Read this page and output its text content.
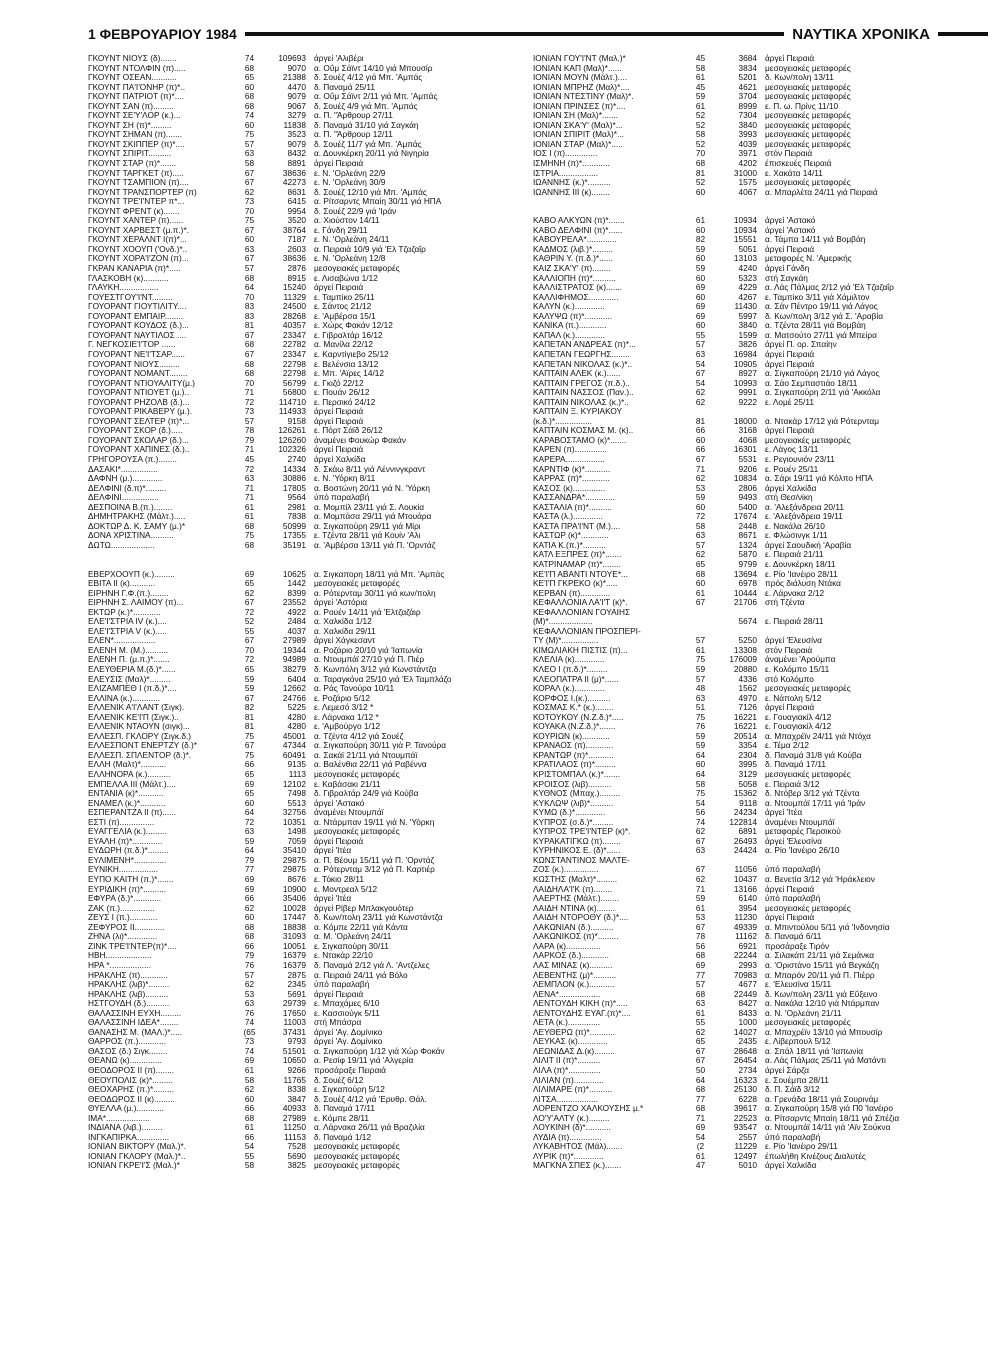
1 ΦΕΒΡΟΥΑΡΙΟΥ 1984	ΝΑΥΤΙΚΑ ΧΡΟΝΙΚΑ
ΓΚΟΥΝΤ ΝΙΟΥΣ (δ).......	74	109693 άργεί 'Αλιβέρι
ΓΚΟΥΝΤ ΝΤΟΛΦΙΝ (π).....	68	9070 α. Οΰμ Σάϊντ 14/10 γιά Μπουσίρ
ΓΚΟΥΝΤ ΟΣΕΑΝ...........	65	21388 δ. Σουέζ 4/12 γιά Μπ. 'Αμπάς
ΓΚΟΥΝΤ ΠΑ'Ι'ΟΝΗΡ (π)*..	60	4470 δ. Παναμά 25/11
ΓΚΟΥΝΤ ΠΑΤΡΙΟΤ (π)*....	68	9079 α. Οΰμ Σάϊντ 2/11 γιά Μπ. 'Αμπάς
ΓΚΟΥΝΤ ΣΑΝ (π).........	68	9067 δ. Σουέζ 4/9 γιά Μπ. 'Αμπάς
ΓΚΟΥΝΤ ΣΕ'Υ'ΛΟΡ (κ.)...	74	3279 α. Π. "Άρθρουρ 27/11
ΓΚΟΥΝΤ ΣΗ (π)*.........	60	11838 δ. Παναμά 31/10 γιά Σαγκάη
ΓΚΟΥΝΤ ΣΗΜΑΝ (π).......	75	3523 α. Π. "Άρθρουρ 12/11
ΓΚΟΥΝΤ ΣΚΙΠΠΕΡ (π)*....	57	9079 δ. Σουέζ 11/7 γιά Μπ. 'Αμπάς
ΓΚΟΥΝΤ ΣΠΙΡΙΤ..........	63	8432 α. Δουνκέρκη 20/11 γιά Νιγηρία
ΓΚΟΥΝΤ ΣΤΑΡ (π)*.......	58	8891 άργεί Πειραιά
ΓΚΟΥΝΤ ΤΑΡΓΚΕΤ (π).....	67	38636 ε. Ν. 'Ορλεάνη 22/9
ΓΚΟΥΝΤ ΤΣΑΜΠΙΟΝ (π)....	67	42273 ε. Ν. 'Ορλεάνη 30/9
ΓΚΟΥΝΤ ΤΡΑΝΣΠΟΡΤΕΡ (π)	62	8631 δ. Σουέζ 12/10 γιά Μπ. 'Αμπάς
ΓΚΟΥΝΤ ΤΡΕ'Ι'ΝΤΕΡ π*...	73	6415 α. Ρίτσαρντς Μπαίη 30/11 γιά ΗΠΑ
ΓΚΟΥΝΤ ΦΡΕΝΤ (κ).......	70	9954 δ. Σουέζ 22/9 γιά 'Ιράν
ΓΚΟΥΝΤ ΧΑΝΤΕΡ (π)......	75	3520 α. Χιούστον 14/11
ΓΚΟΥΝΤ ΧΑΡΒΕΣΤ (μ.π.)*.	67	38764 ε. Γάνδη 29/11
ΓΚΟΥΝΤ ΧΕΡΑΛΝΤ Ι(π)*...	60	7187 ε. Ν. 'Ορλεάνη 24/11
ΓΚΟΥΝΤ ΧΟΟΥΠ ('Ονδ.)*..	63	2603 α. Πειραιά 10/9 γιά 'Ελ Τζαζαΐρ
ΓΚΟΥΝΤ ΧΟΡΑ'Ι'ΖΟΝ (π)...	67	38636 ε. Ν. 'Ορλεάνη 12/8
ΓΚΡΑΝ ΚΑΝΑΡΙΑ (π)*.....	57	2876 μεσογειακές μεταφορές
ΓΛΑΣΚΟΒΗ (κ)...........	68	8915 ε. Λισαβώνα 1/12
ΓΛΑΥΚΗ.................	64	15240 άργεί Πειραιά
ΓΟΥΕΣΤΓΟΥ'Ι'ΝΤ.........	70	11329 ε. Ταμπίκο 25/11
ΓΟΥΟΡΑΝΤ ΓΙΟΥΤΙΛΙΤΥ....	83	24500 ε. Σάντος 21/12
ΓΟΥΟΡΑΝΤ ΕΜΠΑΙΡ........	83	28268 ε. 'Αμβέρσα 15/1
ΓΟΥΟΡΑΝΤ ΚΟΥΔΟΣ (δ.)...	81	40357 ε. Χώρς Φακάν 12/12
ΓΟΥΟΡΑΝΤ ΝΑΥΤΙΛΟΣ ....	67	23347 ε. Γιβραλτάρ 16/12
Γ. ΝΕΓΚΟΣΙΕ'Ι'ΤΟΡ ......	68	22782 α. Μανίλα 22/12
ΓΟΥΟΡΑΝΤ ΝΕ'Ι'ΤΣΑΡ......	67	23347 ε. Καρντίγιεβο 25/12
ΓΟΥΟΡΑΝΤ ΝΙΟΥΣ.........	68	22798 ε. Βελένσια 13/12
ΓΟΥΟΡΑΝΤ ΝΟΜΑΝΤ........	68	22798 ε. Μπ. 'Αϊρες 14/12
ΓΟΥΟΡΑΝΤ ΝΤΙΟΥΑΛΙΤΥ(μ.)	70	56799 ε. Γκιζό 22/12
ΓΟΥΟΡΑΝΤ ΝΤΙΟΥΕΤ (μ.)..	71	56800 ε. Πουάν 26/12
ΓΟΥΟΡΑΝΤ ΡΗΖΟΛΒ (δ.)...	72	114710 ε. Περσικό 24/12
ΓΟΥΟΡΑΝΤ ΡΙΚΑΒΕΡΥ (μ.).	73	114933 άργεί Πειραιά
ΓΟΥΟΡΑΝΤ ΣΕΛΤΕΡ (π)*...	57	9158 άργεί Πειραιά
ΓΟΥΟΡΑΝΤ ΣΚΟΡ (δ.).....	78	126261 ε. Πόρτ Σάϊδ 26/12
ΓΟΥΟΡΑΝΤ ΣΚΟΛΑΡ (δ.)...	79	126260 άναμένει Φουκώρ Φακάν
ΓΟΥΟΡΑΝΤ ΧΑΠΙΝΕΣ (δ.)..	71	102326 άργεί Πειραιά
ΓΡΗΓΟΡΟΥΣΑ (π.)........	45	2740 άργεί Χαλκίδα
ΔΑΣΑΚΙ*................	72	14334 δ. Σκάω 8/11 γιά Λέννινγκραντ
ΔΑΦΝΗ (μ.).............	63	30886 ε. Ν. 'Υόρκη 8/11
ΔΕΛΦΙΝΙ (δ.π)*.........	71	17805 α. Βοστώνη 20/11 γιά Ν. 'Υόρκη
ΔΕΛΦΙΝΙ................	71	9564 ύπό παραλαβή
ΔΕΣΠΟΙΝΑ Β.(π.)........	61	2981 α. Μομπίλ 23/11 γιά Σ. Λουκία
ΔΗΜΗΤΡΑΚΗΣ (Μάλτ.).....	61	7838 α. Μομπάσα 29/11 γιά Μτουάρα
ΔΟΚΤΩΡ Δ. Κ. ΣΑΜΥ (μ.)*	68	50999 α. Σιγκαπούρη 29/11 γιά Μίρι
ΔΟΝΑ ΧΡΙΣΤΙΝΑ..........	75	17355 ε. Τζέντα 28/11 γιά Κουίν 'Αλι
ΔΩΤΩ...................	68	35191 α. 'Αμβέρσα 13/11 γιά Π. 'Ορντάζ
ΕΒΕΡΧΟΟΥΠ (κ.).........	69	10625 α. Σιγκαπορη 18/11 γιά Μπ. 'Αμπάς
ΕΒΙΤΑ ΙΙ (κ)...........	65	1442 μεσογειακές μεταφορές
ΕΙΡΗΝΗ Γ.Φ.(π.)........	62	8399 α. Ρότερνταμ 30/11 γιά κων/πολη
ΕΙΡΗΝΗ Σ. ΛΑΙΜΟΥ (π)...	67	23552 άργεί 'Αστόρια
ΕΚΤΩΡ (κ.)*............	72	4922 α. Ρουέν 14/11 γιά 'Ελτζαζάιρ
ΕΛΕ'Ι'ΣΤΡΙΑ IV (κ.)....	52	2484 α. Χαλκίδα 1/12
ΕΛΕ'Ι'ΣΤΡΙΑ V (κ.).....	55	4037 α. Χαλκίδα 29/11
ΕΛΕΝ*..................	67	27989 άργεί Χάγκεσαντ
ΕΛΕΝΗ Μ. (Μ.)..........	70	19344 α. Ροζάριο 20/10 γιά 'Ιαπωνία
ΕΛΕΝΗ Π. (μ.π.)*.......	72	94989 α. Ντουμπάϊ 27/10 γιά Π. Πιέρ
ΕΛΕΥΘΕΡΙΑ Μ.(δ.)*......	65	38279 δ. Κωνπόλη 3/12 γιά Κωνστάντζα
ΕΛΕΥΣΙΣ (Μαλ)*.........	59	6404 α. Ταραγκόνα 25/10 γιά 'Ελ Ταμπλάζο
ΕΛΙΖΑΜΠΕΘ Ι (π.δ.)*....	59	12662 α. Ράς Τανούρα 10/11
ΕΛΛΙΝΑ (κ.)............	67	24766 ε. Ροζάριο 5/12
ΕΛΛΕΝΙΚ Α'Ι'ΛΑΝΤ (Σιγκ).	82	5225 ε. Λεμεσό 3/12 *
ΕΛΛΕΝΙΚ ΚΕ'Ι'Π (Σιγκ.)..	81	4280 ε. Λάρνακα 1/12 *
ΕΛΛΕΝΙΚ ΝΤΑΟΥΝ (σιγκ)...	81	4280 ε. 'Αμβούργο 1/12
ΕΛΛΕΣΠ. ΓΚΛΟΡΥ (Σιγκ.δ.)	75	45001 α. Τζέντα 4/12 γιά Σουέζ
ΕΛΛΕΣΠΟΝΤ ΕΝΕΡΤΖΥ (δ.)*	67	47344 α. Σιγκαπούρη 30/11 γιά Ρ. Τανούρα
ΕΛΛΕΣΠ. ΣΠΛΕΝΤΟΡ (δ.)*.	75	60491 α. Σακάϊ 21/11 γιά Ντουμπάϊ
ΕΛΛΗ (Μαλτ)*...........	66	9135 α. Βαλένθια 22/11 γιά Ραβέννα
ΕΛΛΗΝΟΡΑ (κ.)..........	65	1113 μεσογειακές μεταφορές
ΕΜΠΕΛΛΑ ΙΙΙ (Μάλτ.)....	69	12102 ε. Καβάσακι 21/11
ΕΝΤΑΝΙΑ (κ)*...........	65	7498 δ. Γιβραλτάρ 24/9 γιά Κούβα
ΕΝΑΜΕΛ (κ.)*...........	60	5513 άργεί 'Αστακό
ΕΣΠΕΡΑΝΤΖΑ ΙΙ (π)......	64	32756 άναμένει Ντουμπάϊ
ΕΣΤΙ (π)...............	72	10351 α. Ντάρμπαν 19/11 γιά Ν. 'Υόρκη
ΕΥΑΓΓΕΛΙΑ (κ.).........	63	1498 μεσογειακές μεταφορές
ΕΥΑΛΗ (π)*.............	59	7059 άργεί Πειραιά
ΕΥΔΩΡΗ (π.δ.)*.........	64	35410 άργεί 'Ιτέα
ΕΥΛΙΜΕΝΗ*..............	79	29875 α. Π. Βέουμ 15/11 γιά Π. 'Ορντάζ
ΕΥΝΙΚΗ.................	77	29875 α. Ρότερνταμ 3/12 γιά Π. Καρτιέρ
ΕΥΠΟ ΚΑΙΤΗ (π.)*.......	69	8676 ε. Τόκιο 28/11
ΕΥΡΙΔΙΚΗ (π)*..........	69	10900 ε. Μοντρεαλ 5/12
ΕΦΥΡΑ (δ.)*............	66	35406 άργεί 'Ιτέα
ΖΑΚ (π.)...............	62	10028 άργεί Ρίβερ Μπλακγουότερ
ΖΕΥΣ Ι (π.)............	60	17447 δ. Κων/πολη 23/11 γιά Κωνστάντζα
ΖΕΦΥΡΟΣ ΙΙ.............	68	18838 α. Κόμπε 22/11 γιά Κάντα
ΖΗΝΑ (λι)*.............	68	31093 α. Μ. 'Ορλεάνη 24/11
ΖΙΝΚ ΤΡΕ'Ι'ΝΤΕΡ(π)*....	66	10051 ε. Σιγκαπούρη 30/11
ΗΒΗ....................	79	16379 ε. Ντακάρ 22/10
ΗΡΑ *..................	76	16379 δ. Παναμά 2/12 γιά Λ. 'Αντζελες
ΗΡΑΚΛΗΣ (π)............	57	2875 α. Πειραιά 24/11 γιά Βόλο
ΗΡΑΚΛΗΣ (λιβ)*.........	62	2345 ύπό παραλαβή
ΗΡΑΚΛΗΣ (λιβ)..........	53	5691 άργεί Πειραιά
ΗΣΤΓΟΥΔΗ (δ.)..........	63	29739 ε. Μπαχάμες 6/10
ΘΑΛΑΣΣΙΝΗ ΕΥΧΗ.........	76	17650 ε. Κασσιούγκ 5/11
ΘΑΛΑΣΣΙΝΗ ΙΔΕΑ*........	74	11003 στή Μπάσρα
ΘΑΝΑΣΗΣ Μ. (ΜΑΛ.)*.....	(65	37431 άργεί 'Αγ. Δομίνικο
ΘΑΡΡΟΣ (π.)............	73	9793 άργεί 'Αγ. Δομίνικο
ΘΑΣΟΣ (δ.) Σιγκ........	74	51501 α. Σιγκαπούρη 1/12 γιά Χώρ Φοκάν
ΘΕΑΝΩ (κ)..............	69	10650 α. Ρεσίφ 19/11 γιά 'Αλγερία
ΘΕΟΔΟΡΟΣ ΙΙ (π)........	61	9266 προσάραξε Πειραιά
ΘΕΟΥΠΟΛΙΣ (κ)*.........	58	11765 δ. Σουέζ 6/12
ΘΕΟΧΑΡΗΣ (π.)*.........	62	8338 ε. Σιγκαπούρη 5/12
ΘΕΟΔΩΡΟΣ ΙΙ (κ).........	60	3847 δ. Σουέζ 4/12 γιά 'Ερυθρ. Θάλ.
ΘΥΕΛΛΑ (μ.)............	66	40933 δ. Παναμά 17/11
ΙΜΑ*...................	68	27989 ε. Κόμπε 28/11
ΙΝΔΙΑΝΑ (λιβ.).........	61	11250 α. Λάρνακα 26/11 γιά Βραζιλία
ΙΝΓΚΑΠΙΡΚΑ..............	66	11153 δ. Παναμά 1/12
ΙΟΝΙΑΝ ΒΙΚΤΟΡΥ (Μαλ.)*.	54	7528 μεσογειακές μεταφορές
ΙΟΝΙΑΝ ΓΚΛΟΡΥ (Μαλ.)*..	55	5690 μεσογειακές μεταφορές
ΙΟΝΙΑΝ ΓΚΡΕ'Ι'Σ (Μαλ.)*	58	3825 μεσογειακές μεταφορές
ΙΟΝΙΑΝ ΓΟΥ'Ι'ΝΤ (Μαλ.)*	45	3684 άργεί Πειραιά
ΙΟΝΙΑΝ ΚΑΠ (Μαλ)*......	58	3834 μεσογειακές μεταφορές
ΙΟΝΙΑΝ ΜΟΥΝ (Μάλτ.)....	61	5201 δ. Κων/πολη 13/11
ΙΟΝΙΑΝ ΜΠΡΗΖ (Μαλ)*....	45	4621 μεσογειακές μεταφορές
ΙΟΝΙΑΝ ΝΤΕΣΤΙΝΥ (Μαλ)*.	59	3704 μεσογειακές μεταφορές
ΙΟΝΙΑΝ ΠΡΙΝΣΕΣ (π)*....	61	8999 ε. Π. ω. Πρίνς 11/10
ΙΟΝΙΑΝ ΣΗ (Μαλ)*.......	52	7304 μεσογειακές μεταφορές
ΙΟΝΙΑΝ ΣΚΑ'Υ' (Μαλ)*...	52	3840 μεσογειακές μεταφορές
ΙΟΝΙΑΝ ΣΠΙΡΙΤ (Μαλ)*...	58	3993 μεσογειακές μεταφορές
ΙΟΝΙΑΝ ΣΤΑΡ (Μαλ)*.....	52	4039 μεσογειακές μεταφορές
ΙΟΣ Ι (π)..............	70	3971 στόν Πειραιά
ΙΣΜΗΝΗ (π)*............	68	4202 έπισκευές Πειραιά
ΙΣΤΡΙΑ.................	81	31000 ε. Χακάτα 14/11
ΙΩΑΝΝΗΣ (κ.)*..........	52	1575 μεσογειακές μεταφορές
ΙΩΑΝΝΗΣ ΙΙΙ (κ)........	60	4067 α. Μπαρλέτα 24/11 γιά Πειραιά
ΚΑΒΟ ΑΛΚΥΩΝ (π)*.......	61	10934 άργεί 'Αστακό
ΚΑΒΟ ΔΕΛΦΙΝΙ (π)*......	60	10934 άργεί 'Αστακό
ΚΑΒΟΥΡΕΛΑ*.............	82	15551 α. Τάμπα 14/11 γιά Βομβάη
ΚΑΔΜΟΣ (λιβ.)*.........	59	5051 άργεί Πειραιά
ΚΑΘΡΙΝ Υ. (π.δ.)*......	60	13103 μεταφορές Ν. 'Αμερικής
ΚΑΙΖ ΣΚΑ'Υ' (π)........	59	4240 άργεί Γάνδη
ΚΑΛΛΙΟΠΗ (π)*..........	60	5323 στή Σαγκάη
ΚΑΛΛΙΣΤΡΑΤΟΣ (κ).......	69	4229 α. Λάς Πάλμας 2/12 γιά 'Ελ Τζαζαΐρ
ΚΑΛΛΙΦΗΜΟΣ.............	60	4267 ε. Ταμπίκο 3/11 γιά Χάμιλτον
ΚΑΛΥΝ (κ.).............	69	11430 α. Σάν Πέντρο 19/11 γιά Λάγος
ΚΑΛΥΨΩ (π)*............	69	5997 δ. Κων/πολη 3/12 γιά Σ. 'Αραβία
ΚΑΝΙΚΑ (π.)............	60	3840 α. Τζέντα 28/11 γιά Βομβάη
ΚΑΠΑΛ (κ.).............	55	1599 α. Ματσούτο 27/11 γιά Μπείρα
ΚΑΠΕΤΑΝ ΑΝΔΡΕΑΣ (π)*...	57	3826 άργεί Π. ορ. Σπαίην
ΚΑΠΕΤΑΝ ΓΕΩΡΓΗΣ........	63	16984 άργεί Πειραιά
ΚΑΠΕΤΑΝ ΝΙΚΟΛΑΣ (κ.)*..	54	10905 άργεί Πειραιά
ΚΑΠΤΑΙΝ ΑΛΕΚ (κ.)......	67	8927 α. Σιγκαπούρη 21/10 γιά Λάγος
ΚΑΠΤΑΙΝ ΓΡΕΓΟΣ (π.δ.)..	54	10993 α. Σάο Σεμπαστιάο 18/11
ΚΑΠΤΑΙΝ ΝΑΣΣΟΣ (Παν.)..	62	9991 α. Σιγκαπούρη 2/11 γιά 'Ακκόλα
ΚΑΠΤΑΙΝ ΝΙΚΟΛΑΣ (κ.)*..	62	9222 ε. Λομέ 25/11
ΚΑΠΤΑΙΝ Ξ. ΚΥΡΙΑΚΟΥ
(κ.δ.)*................	81	18000 α. Ντακάρ 17/12 γιά Ρότερνταμ
ΚΑΠΤΑΙΝ ΚΟΣΜΑΣ Μ. (κ)..	66	3168 άργεί Πειραιά
ΚΑΡΑΒΟΣΤΑΜΟ (κ)*.......	60	4068 μεσογειακές μεταφορές
ΚΑΡΕΝ (π)..............	66	16301 ε. Λάγος 13/11
ΚΑΡΕΡΑ.................	67	5531 ε. Ρεγιουνιόν 23/11
ΚΑΡΝΤΙΦ (κ)*...........	71	9206 ε. Ρουέν 25/11
ΚΑΡΡΑΣ (π)*............	62	10834 α. Σάρι 19/11 γιά Κόλπο ΗΠΑ
ΚΑΣΟΣ (κ)..............	53	2806 άργεί Χαλκίδα
ΚΑΣΣΑΝΔΡΑ*.............	59	9493 στή Θεσ/νίκη
ΚΑΣΤΑΛΙΑ (π)*..........	60	5400 α. 'Αλεξάνδρεια 20/11
ΚΑΣΤΑ (λ.).............	72	17674 ε. 'Αλεξάνδρεια 19/11
ΚΑΣΤΑ ΠΡΑ'Ι'ΝΤ (Μ.)....	58	2448 ε. Νακάλα 26/10
ΚΑΣΤΩΡ (κ)*............	63	8671 ε. Φλώσινγκ 1/11
ΚΑΤΙΑ Κ.(π.)*..........	57	1324 άργεί Σαουδική 'Αραβία
ΚΑΤΛ ΕΞΠΡΕΣ (π)*.......	62	5870 ε. Πειραιά 21/11
ΚΑΤΡΙΝΑΜΑΡ (π)*........	65	9799 ε. Δουνκέρκη 18/11
ΚΕ'Ι'Π ΑΒΑΝΤΙ ΝΤΟΥΕ*...	68	13694 ε. Ρίο 'Ιανέιρο 28/11
ΚΕ'Ι'Π ΓΚΡΕΚΟ (κ)*.....	60	6978 πρός διάλυση Ντάκα
ΚΕΡΒΑΝ (π).............	61	10444 ε. Λάρνακα 2/12
ΚΕΦΑΛΛΟΝΙΑ ΛΑ'Ι'Τ (κ)*.	67	21706 στή Τζέντα
ΚΕΦΑΛΛΟΝΙΑΝ ΓΟΥΑΙΗΣ
(Μ)*...................	5674 ε. Πειραιά 28/11
ΚΕΦΑΛΛΟΝΙΑΝ ΠΡΟΣΠΕΡΙ-
ΤΥ (Μ)*................	57	5250 άργεί 'Ελευσίνα
ΚΙΜΩΛΙΑΚΗ ΠΙΣΤΙΣ (π)...	61	13308 στόν Πειραιά
ΚΛΕΛΙΑ (κ).............	75	176009 άναμένει 'Αρούμπα
ΚΛΕΟ Ι (π.δ.)*.........	59	20880 ε. Κολόμπο 15/11
ΚΛΕΟΠΑΤΡΑ ΙΙ (μ)*......	57	4336 στό Κολόμπο
ΚΟΡΑΛ (κ.).............	48	1562 μεσογειακές μεταφορές
ΚΟΡΦΟΣ Ι.(κ.)..........	63	4970 ε. Νάπολη 5/12
ΚΟΣΜΑΣ Κ.* (κ.)........	51	7126 άργεί Πειραιά
ΚΟΤΟΥΚΟΥ (Ν.Ζ.δ.)*.....	75	16221 ε. Γουαγιακίλ 4/12
ΚΟΥΑΚΑ (Ν.Ζ.δ.)*.......	76	16221 ε. Γουαγιακίλ 4/12
ΚΟΥΡΙΩΝ (κ)............	59	20514 α. Μπαχρέϊν 24/11 γιά Ντόχα
ΚΡΑΝΑΟΣ (π)............	59	3354 ε. Τέμα 2/12
ΚΡΑΝΤΩΡ (π)*...........	64	2304 δ. Παναμά 31/8 γιά Κούβα
ΚΡΑΤΙΛΑΟΣ (π)*.........	60	3995 δ. Παναμά 17/11
ΚΡΙΣΤΟΜΠΑΛ (κ.)*.......	64	3129 μεσογειακές μεταφορές
ΚΡΟΙΣΟΣ (λιβ)..........	58	5058 ε. Πειραιά 3/12
ΚΥΘΝΟΣ (Μπαχ.).........	75	15362 δ. Ντόβερ 3/12 γιά Τζέντα
ΚΥΚΛΩΨ (λιβ)*..........	54	9118 α. Ντουμπάϊ 17/11 γιά 'Ιράν
ΚΥΜΩ (δ.)*.............	56	24234 άργεί 'Ιτέα
ΚΥΠΡΟΣ (σ.δ.)*.........	74	122814 άναμένει Ντουμπάϊ
ΚΥΠΡΟΣ ΤΡΕ'Ι'ΝΤΕΡ (κ)*.	62	6891 μεταφορές Περσικού
ΚΥΡΑΚΑΤΙΓΚΩ (π)........	67	26493 άργεί 'Ελευσίνα
ΚΥΡΗΝΙΚΟΣ Ε. (δ)*......	63	24424 α. Ρίο 'Ιανέιρο 26/10
ΚΩΝΣΤΑΝΤΙΝΟΣ ΜΑΛΤΕ-
ΖΟΣ (κ.)...............	67	11056 ύπό παραλαβή
ΚΩΣΤΗΣ (Μαλτ)*.........	62	10437 α. Βενετία 3/12 γιά 'Ηράκλειον
ΛΑΙΔΗΛΑ'Ι'Κ (π)........	71	13166 άργεί Πειραιά
ΛΑΕΡΤΗΣ (Μάλτ.)........	59	6140 ύπό παραλαβή
ΛΑΙΔΗ ΝΤΙΝΑ (κ)........	61	3954 μεσογειακές μεταφορές
ΛΑΙΔΗ ΝΤΟΡΟΘΥ (δ.)*....	53	11230 άργεί Πειραιά
ΛΑΚΩΝΙΑΝ (δ.)..........	67	49339 α. Μπιντούλου 5/11 γιά 'Ινδονησία
ΛΑΚΩΝΙΚΟΣ (π)*.........	78	11162 δ. Παναμά 6/11
ΛΑΡΑ (κ)...............	56	6921 προσάραξε Τιρόν
ΛΑΡΚΟΣ (δ.)............	68	22244 α. Σιλακάπ 21/11 γιά Σεμάνκα
ΛΑΣ ΜΙΝΑΣ (κ)..........	69	2993 α. 'Οριστάνο 15/11 γιά Βεγκάζη
ΛΕΒΕΝΤΗΣ (μ)*..........	77	70983 α. Μπαρόν 20/11 γιά Π. Πιέρρ
ΛΕΜΠΛΟΝ (κ.)...........	57	4677 ε. 'Ελευσίνα 15/11
ΛΕΝΑ*..................	68	22449 δ. Κων/πολη 23/11 γιά Εΰξεινο
ΛΕΝΤΟΥΔΗ ΚΙΚΗ (π)*.....	63	8427 α. Νακάλα 12/10 γιά Ντάρμπαν
ΛΕΝΤΟΥΔΗΣ ΕΥΑΓ.(π)*....	61	8433 α. Ν. 'Ορλεάνη 21/11
ΛΕΤΑ (κ.)..............	55	1000 μεσογειακές μεταφορές
ΛΕΥΘΕΡΩ (π)*...........	62	14027 α. Μπαχρέϊν 13/10 γιά Μπουσίρ
ΛΕΥΚΑΣ (κ).............	65	2435 ε. Λίβερπουλ 5/12
ΛΕΩΝΙΔΑΣ Δ.(κ).........	67	28648 α. Σπάλ 18/11 γιά 'Ιαπωνία
ΛΙΛΙΤ ΙΙ (π)*..........	67	26454 α. Λάς Πάλμας 25/11 γιά Ματάντι
ΛΙΛΑ (π)*..............	50	2734 άργεί Σάρζα
ΛΙΛΙΑΝ (π).............	64	16323 ε. Σουέμπα 28/11
ΛΙΛΙΜΑΡΕ (π)*..........	68	25130 δ. Π. Σάϊδ 3/12
ΛΙΤΣΑ..................	77	6228 α. Γρενάδα 18/11 γιά Σουρινάμ
ΛΟΡΕΝΤΖΟ ΧΑΛΚΟΥΣΗΣ μ.*	68	39617 α. Σιγκαπούρη 15/8 γιά Π0 'Ιανέιρο
ΛΟ'Υ'ΑΛΤΥ (κ.).........	71	22523 α. Ρίτσαρντς Μπαίη 18/11 γιά Σπέζια
ΛΟΥΚΙΝΗ (δ)*...........	69	93547 α. Ντουμπάϊ 14/11 γιά 'Αϊν Σούκνα
ΛΥΔΙΑ (π)..............	54	2557 ύπό παραλαβή
ΛΥΚΑΒΗΤΟΣ (Μάλ).......	(2	11229 ε. Ρίο 'Ιανέιρο 29/11
ΛΥΡΙΚ (π)*.............	61	12497 έπωλήθη Κινέζους Διαλυτές
ΜΑΓΚΝΑ ΣΠΕΣ (κ.).......	47	5010 άργεί Χαλκίδα
